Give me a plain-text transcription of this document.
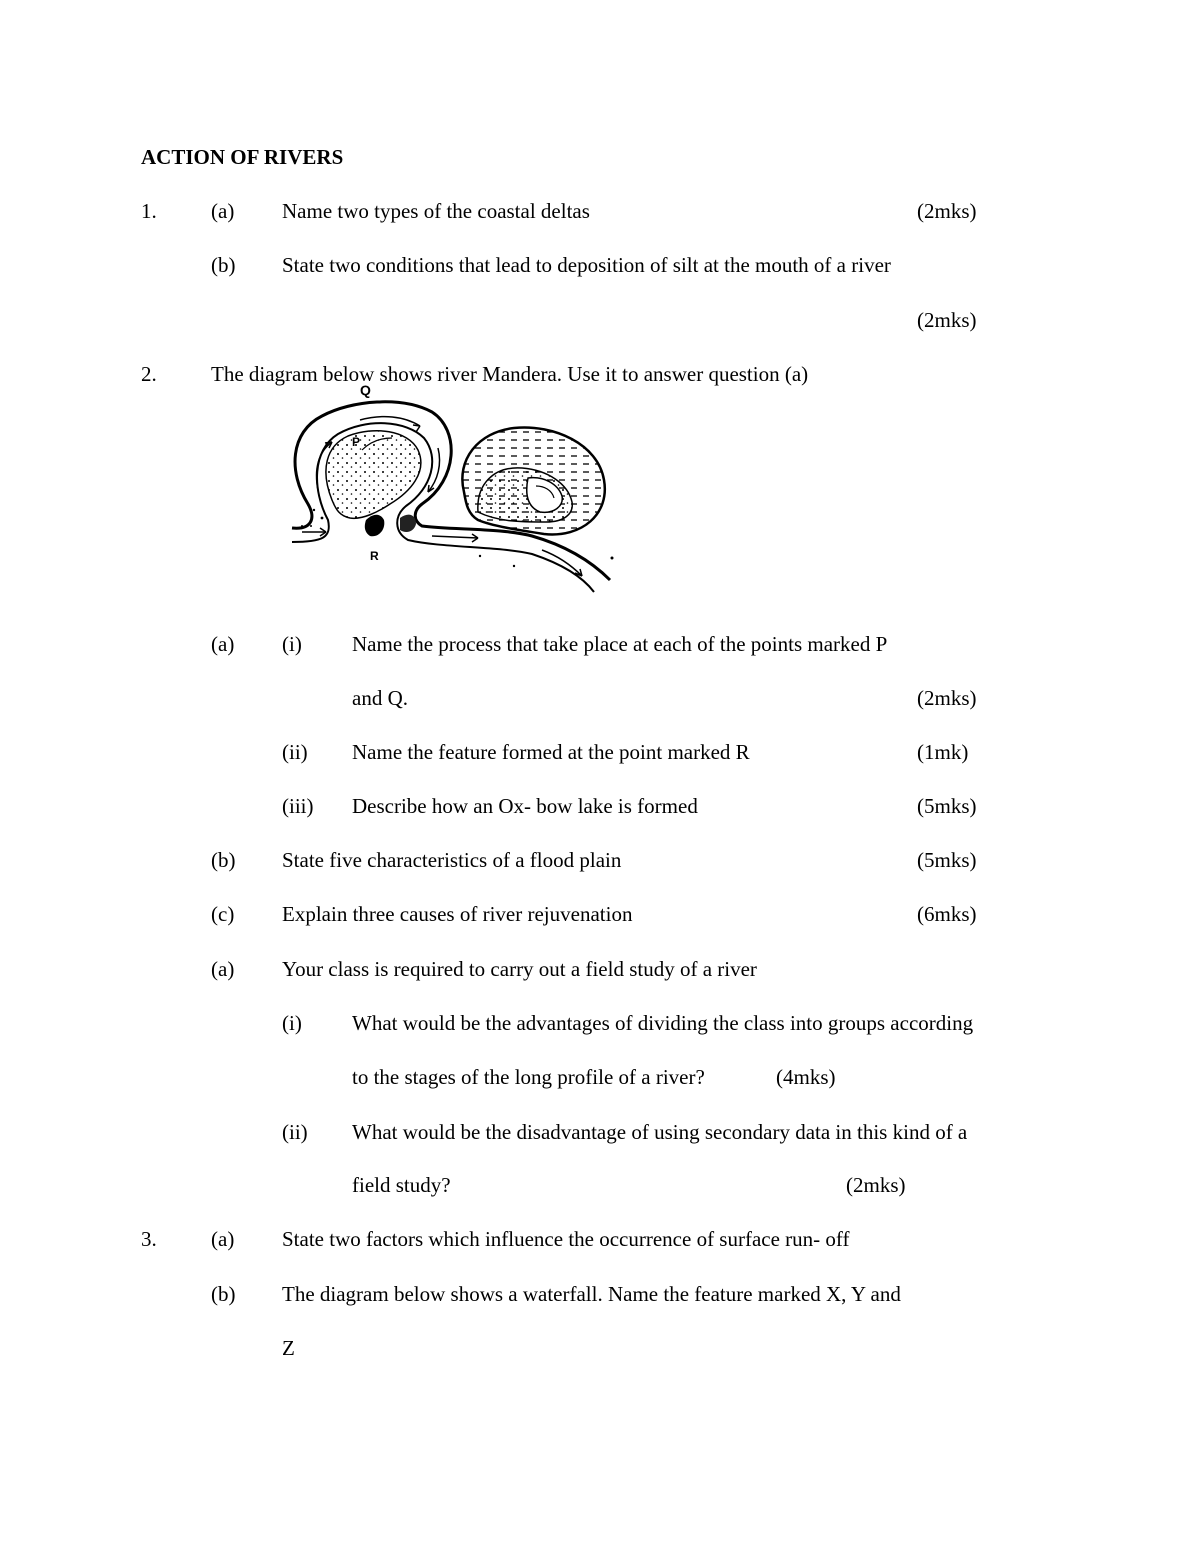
ACTION OF RIVERS
1.	(a) Name two types of the coastal deltas	(2mks)
(b) State two conditions that lead to deposition of silt at the mouth of a river
(2mks)
2.	The diagram below shows river Mandera. Use it to answer question (a)
Q
P
R
(a) (i) Name the process that take place at each of the points marked P
and Q.	(2mks)
(ii) Name the feature formed at the point marked R	(1mk)
(iii) Describe how an Ox- bow lake is formed	(5mks)
(b) State five characteristics of a flood plain	(5mks)
(c) Explain three causes of river rejuvenation	(6mks)
(a) Your class is required to carry out a field study of a river
(i) What would be the advantages of dividing the class into groups according
to the stages of the long profile of a river?	(4mks)
(ii) What would be the disadvantage of using secondary data in this kind of a
field study?	(2mks)
3.	(a) State two factors which influence the occurrence of surface run- off
(b) The diagram below shows a waterfall. Name the feature marked X, Y and
Z
